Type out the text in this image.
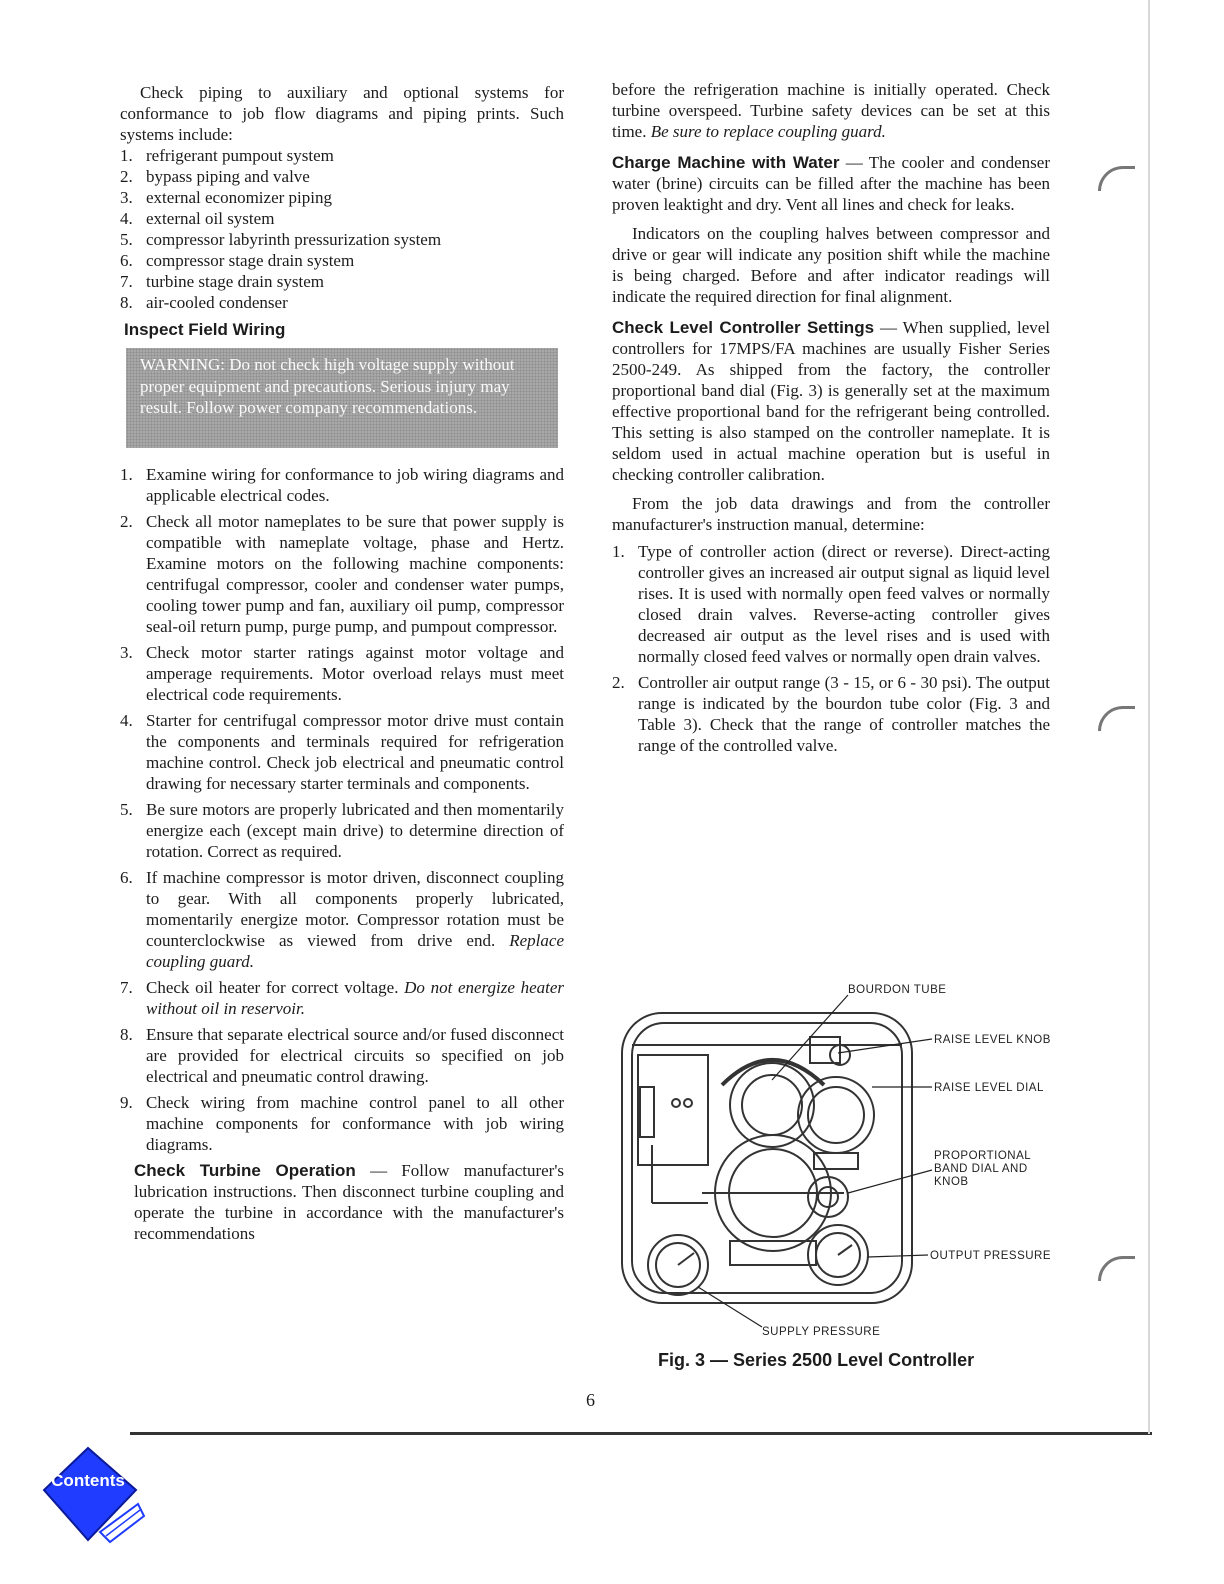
Check piping to auxiliary and optional systems for conformance to job flow diagrams and piping prints. Such systems include:

1. refrigerant pumpout system
2. bypass piping and valve
3. external economizer piping
4. external oil system
5. compressor labyrinth pressurization system
6. compressor stage drain system
7. turbine stage drain system
8. air-cooled condenser
Inspect Field Wiring
WARNING: Do not check high voltage supply without proper equipment and precautions. Serious injury may result. Follow power company recommendations.
1. Examine wiring for conformance to job wiring diagrams and applicable electrical codes.
2. Check all motor nameplates to be sure that power supply is compatible with nameplate voltage, phase and Hertz. Examine motors on the following machine components: centrifugal compressor, cooler and condenser water pumps, cooling tower pump and fan, auxiliary oil pump, compressor seal-oil return pump, purge pump, and pumpout compressor.
3. Check motor starter ratings against motor voltage and amperage requirements. Motor overload relays must meet electrical code requirements.
4. Starter for centrifugal compressor motor drive must contain the components and terminals required for refrigeration machine control. Check job electrical and pneumatic control drawing for necessary starter terminals and components.
5. Be sure motors are properly lubricated and then momentarily energize each (except main drive) to determine direction of rotation. Correct as required.
6. If machine compressor is motor driven, disconnect coupling to gear. With all components properly lubricated, momentarily energize motor. Compressor rotation must be counterclockwise as viewed from drive end. Replace coupling guard.
7. Check oil heater for correct voltage. Do not energize heater without oil in reservoir.
8. Ensure that separate electrical source and/or fused disconnect are provided for electrical circuits so specified on job electrical and pneumatic control drawing.
9. Check wiring from machine control panel to all other machine components for conformance with job wiring diagrams.

Check Turbine Operation — Follow manufacturer's lubrication instructions. Then disconnect turbine coupling and operate the turbine in accordance with the manufacturer's recommendations

before the refrigeration machine is initially operated. Check turbine overspeed. Turbine safety devices can be set at this time. Be sure to replace coupling guard.

Charge Machine with Water — The cooler and condenser water (brine) circuits can be filled after the machine has been proven leaktight and dry. Vent all lines and check for leaks.

Indicators on the coupling halves between compressor and drive or gear will indicate any position shift while the machine is being charged. Before and after indicator readings will indicate the required direction for final alignment.

Check Level Controller Settings — When supplied, level controllers for 17MPS/FA machines are usually Fisher Series 2500-249. As shipped from the factory, the controller proportional band dial (Fig. 3) is generally set at the maximum effective proportional band for the refrigerant being controlled. This setting is also stamped on the controller nameplate. It is seldom used in actual machine operation but is useful in checking controller calibration.

From the job data drawings and from the controller manufacturer's instruction manual, determine:

1. Type of controller action (direct or reverse). Direct-acting controller gives an increased air output signal as liquid level rises. It is used with normally open feed valves or normally closed drain valves. Reverse-acting controller gives decreased air output as the level rises and is used with normally closed feed valves or normally open drain valves.
2. Controller air output range (3 - 15, or 6 - 30 psi). The output range is indicated by the bourdon tube color (Fig. 3 and Table 3). Check that the range of controller matches the range of the controlled valve.
BOURDON TUBE
RAISE LEVEL KNOB
RAISE LEVEL DIAL
PROPORTIONAL
BAND DIAL AND
KNOB
OUTPUT PRESSURE
SUPPLY PRESSURE
Fig. 3 — Series 2500 Level Controller
6
Contents
